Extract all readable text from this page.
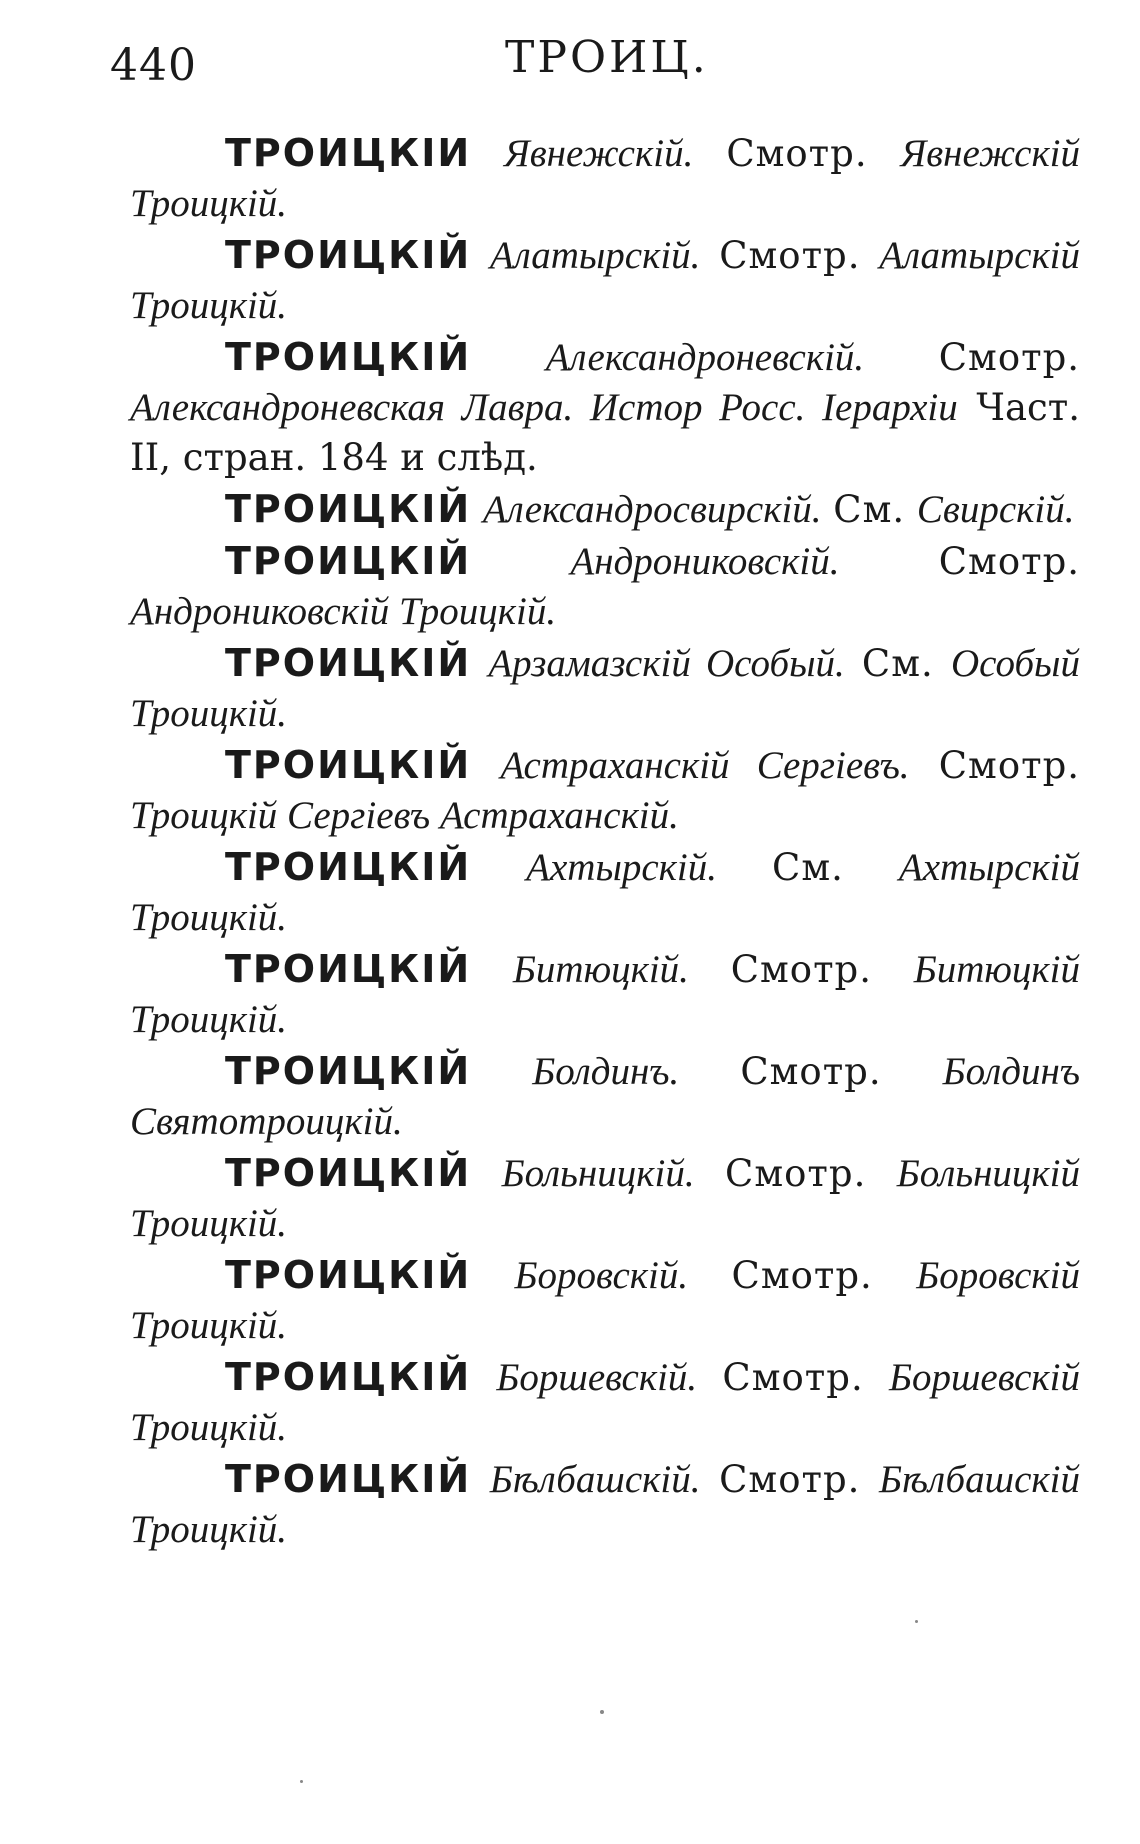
440	ТРОИЦ.

ТРОИЦКІИ Явнежскій. Смотр. Явнежскій Троицкій.

ТРОИЦКІЙ Алатырскій. Смотр. Алатырскій Троицкій.

ТРОИЦКІЙ Александроневскій. Смотр. Александроневская Лавра. Истор Росс. Іерархіи Част. II, стран. 184 и слѣд.

ТРОИЦКІЙ Александросвирскій. См. Свирскій.

ТРОИЦКІЙ	Андрониковскій.	Смотр. Андрониковскій Троицкій.

ТРОИЦКІЙ Арзамазскій Особый. См. Особый Троицкій.

ТРОИЦКІЙ Астраханскій Сергіевъ. Смотр. Троицкій Сергіевъ Астраханскій.

ТРОИЦКІЙ Ахтырскій. См. Ахтырскій Троицкій.

ТРОИЦКІЙ Битюцкій. Смотр. Битюцкій Троицкій.

ТРОИЦКІЙ Болдинъ. Смотр. Болдинъ Святотроицкій.

ТРОИЦКІЙ Больницкій. Смотр. Больницкій Троицкій.

ТРОИЦКІЙ Боровскій. Смотр. Боровскій Троицкій.

ТРОИЦКІЙ Боршевскій. Смотр. Боршевскій Троицкій.

ТРОИЦКІЙ Бѣлбашскій. Смотр. Бѣлбашскій Троицкій.
